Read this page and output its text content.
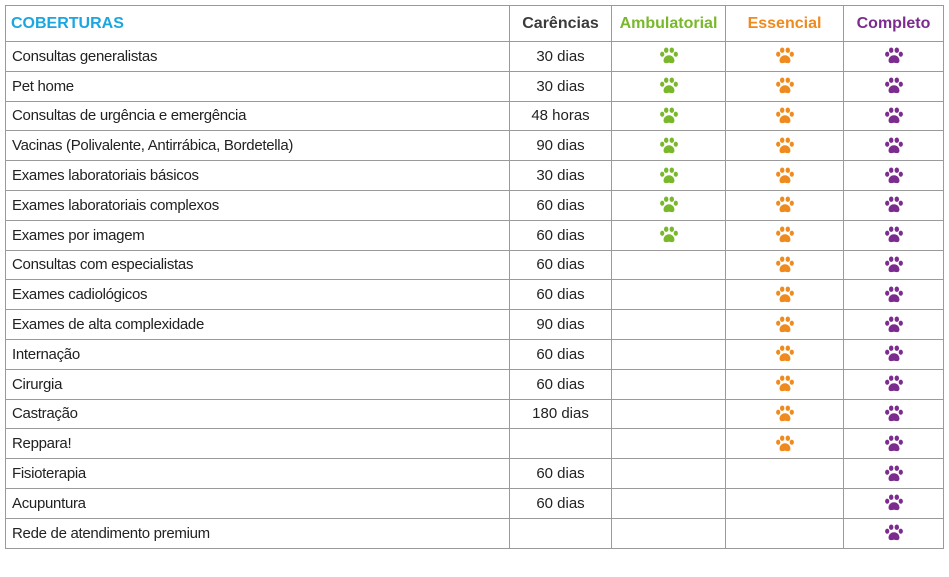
COBERTURAS	Carências	Ambulatorial	Essencial	Completo
Consultas generalistas	30 dias			
Pet home	30 dias			
Consultas de urgência e emergência	48 horas			
Vacinas (Polivalente, Antirrábica, Bordetella)	90 dias			
Exames laboratoriais básicos	30 dias			
Exames laboratoriais complexos	60 dias			
Exames por imagem	60 dias			
Consultas com especialistas	60 dias			
Exames cadiológicos	60 dias			
Exames de alta complexidade	90 dias			
Internação	60 dias			
Cirurgia	60 dias			
Castração	180 dias			
Reppara!				
Fisioterapia	60 dias			
Acupuntura	60 dias			
Rede de atendimento premium				
